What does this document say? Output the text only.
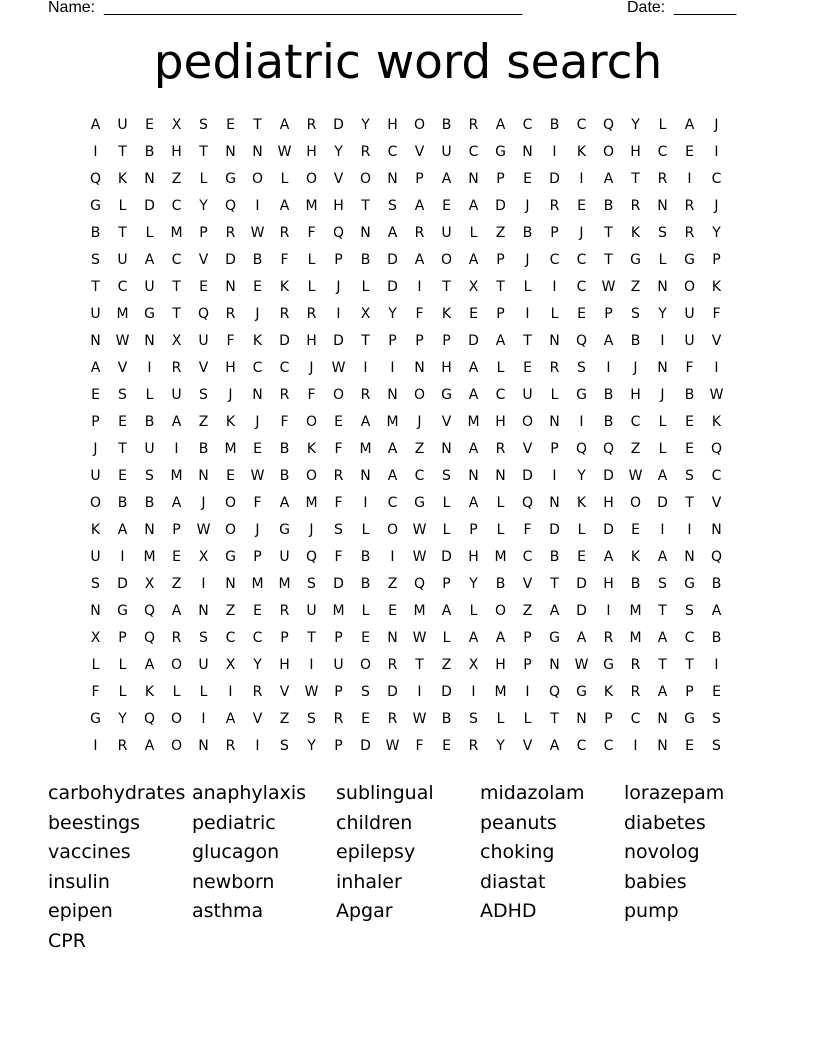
Name: _______________________________________________	Date: _______
pediatric word search
A	U	E	X	S	E	T	A	R	D	Y	H	O	B	R	A	C	B	C	Q	Y	L	A	J
I	T	B	H	T	N	N	W	H	Y	R	C	V	U	C	G	N	I	K	O	H	C	E	I
Q	K	N	Z	L	G	O	L	O	V	O	N	P	A	N	P	E	D	I	A	T	R	I	C
G	L	D	C	Y	Q	I	A	M	H	T	S	A	E	A	D	J	R	E	B	R	N	R	J
B	T	L	M	P	R	W	R	F	Q	N	A	R	U	L	Z	B	P	J	T	K	S	R	Y
S	U	A	C	V	D	B	F	L	P	B	D	A	O	A	P	J	C	C	T	G	L	G	P
T	C	U	T	E	N	E	K	L	J	L	D	I	T	X	T	L	I	C	W	Z	N	O	K
U	M	G	T	Q	R	J	R	R	I	X	Y	F	K	E	P	I	L	E	P	S	Y	U	F
N	W	N	X	U	F	K	D	H	D	T	P	P	P	D	A	T	N	Q	A	B	I	U	V
A	V	I	R	V	H	C	C	J	W	I	I	N	H	A	L	E	R	S	I	J	N	F	I
E	S	L	U	S	J	N	R	F	O	R	N	O	G	A	C	U	L	G	B	H	J	B	W
P	E	B	A	Z	K	J	F	O	E	A	M	J	V	M	H	O	N	I	B	C	L	E	K
J	T	U	I	B	M	E	B	K	F	M	A	Z	N	A	R	V	P	Q	Q	Z	L	E	Q
U	E	S	M	N	E	W	B	O	R	N	A	C	S	N	N	D	I	Y	D	W	A	S	C
O	B	B	A	J	O	F	A	M	F	I	C	G	L	A	L	Q	N	K	H	O	D	T	V
K	A	N	P	W	O	J	G	J	S	L	O	W	L	P	L	F	D	L	D	E	I	I	N
U	I	M	E	X	G	P	U	Q	F	B	I	W	D	H	M	C	B	E	A	K	A	N	Q
S	D	X	Z	I	N	M	M	S	D	B	Z	Q	P	Y	B	V	T	D	H	B	S	G	B
N	G	Q	A	N	Z	E	R	U	M	L	E	M	A	L	O	Z	A	D	I	M	T	S	A
X	P	Q	R	S	C	C	P	T	P	E	N	W	L	A	A	P	G	A	R	M	A	C	B
L	L	A	O	U	X	Y	H	I	U	O	R	T	Z	X	H	P	N	W	G	R	T	T	I
F	L	K	L	L	I	R	V	W	P	S	D	I	D	I	M	I	Q	G	K	R	A	P	E
G	Y	Q	O	I	A	V	Z	S	R	E	R	W	B	S	L	L	T	N	P	C	N	G	S
I	R	A	O	N	R	I	S	Y	P	D	W	F	E	R	Y	V	A	C	C	I	N	E	S
carbohydrates anaphylaxis	sublingual	midazolam	lorazepam
beestings	pediatric	children	peanuts	diabetes
vaccines	glucagon	epilepsy	choking	novolog
insulin	newborn	inhaler	diastat	babies
epipen	asthma	Apgar	ADHD	pump
CPR
